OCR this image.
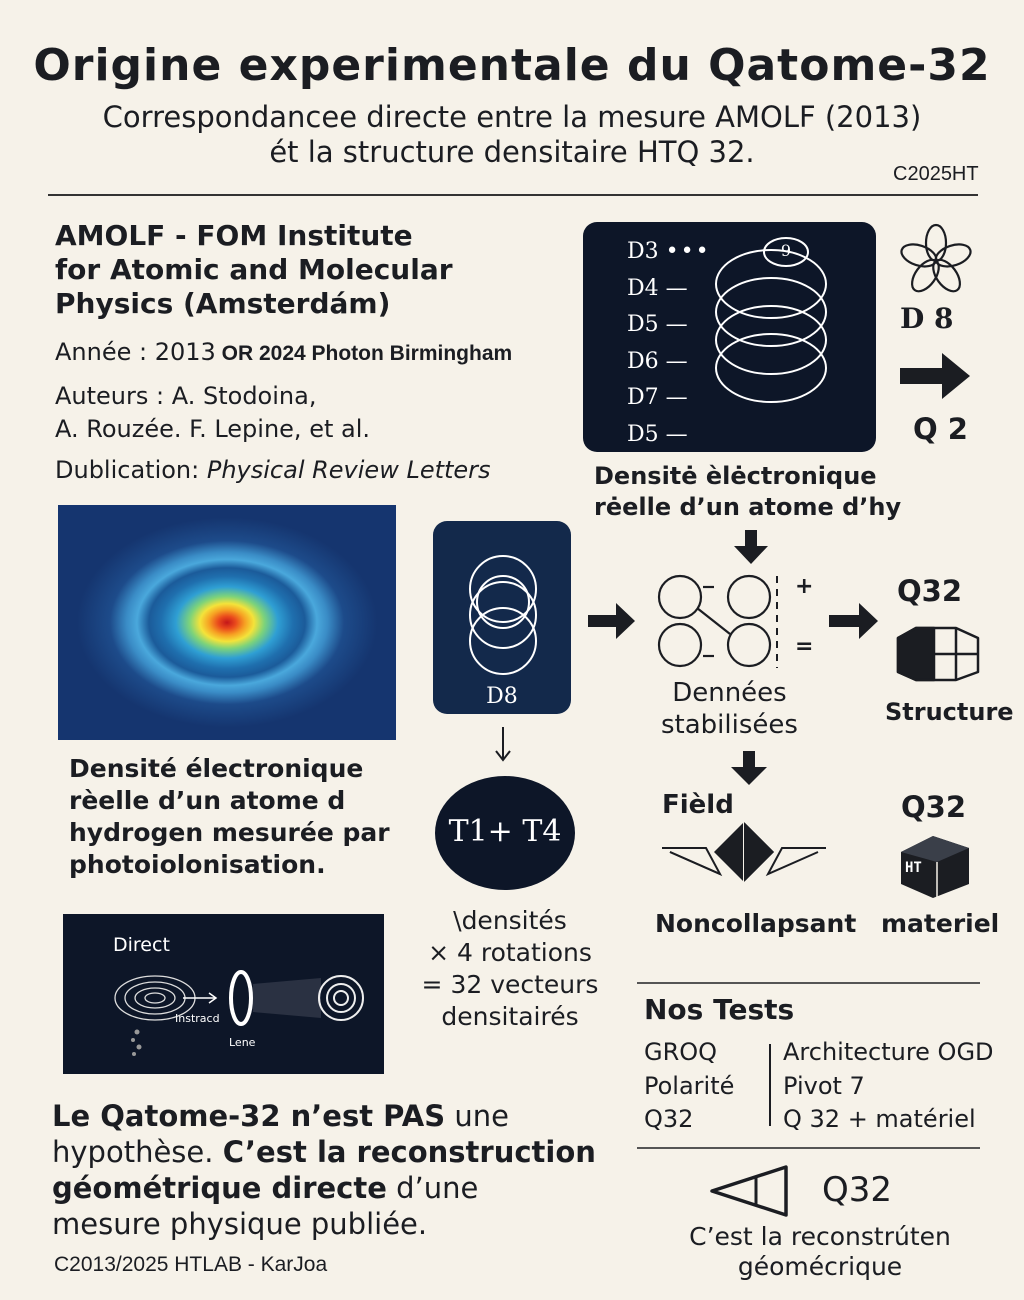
Origine experimentale du Qatome-32
Correspondancee directe entre la mesure AMOLF (2013)
ét la structure densitaire HTQ 32.
C2025HT
AMOLF - FOM Institute
for Atomic and Molecular
Physics (Amsterdám)
Année : 2013 OR 2024 Photon Birmingham
Auteurs : A. Stodoina,
A. Rouzée. F. Lepine, et al.
Dublication: Physical Review Letters
D3 •••
D4 —
D5 —
D6 —
D7 —
D5 —
9
D 8
Q 2
Densitė èlėctronique
rėelle d’un atome d’hy
Densité électronique
rèelle d’un atome d
hydrogen mesurée par
photoiolonisation.
D8
+
=
Dennées
stabilisées
Q32
Structure
T1+ T4
Fièld
Noncollapsant
Q32
HT
materiel
\densités
× 4 rotations
= 32 vecteurs
densitairés
Direct
Instracd
Lene
Nos Tests
GROQ
Polarité
Q32
Architecture OGD
Pivot 7
Q 32 + matériel
Le Qatome-32 n’est PAS une
hypothèse. C’est la reconstruction
géométrique directe d’une
mesure physique publiée.
Q32
C’est la reconstrúten
géomécrique
C2013/2025 HTLAB - KarJoa
